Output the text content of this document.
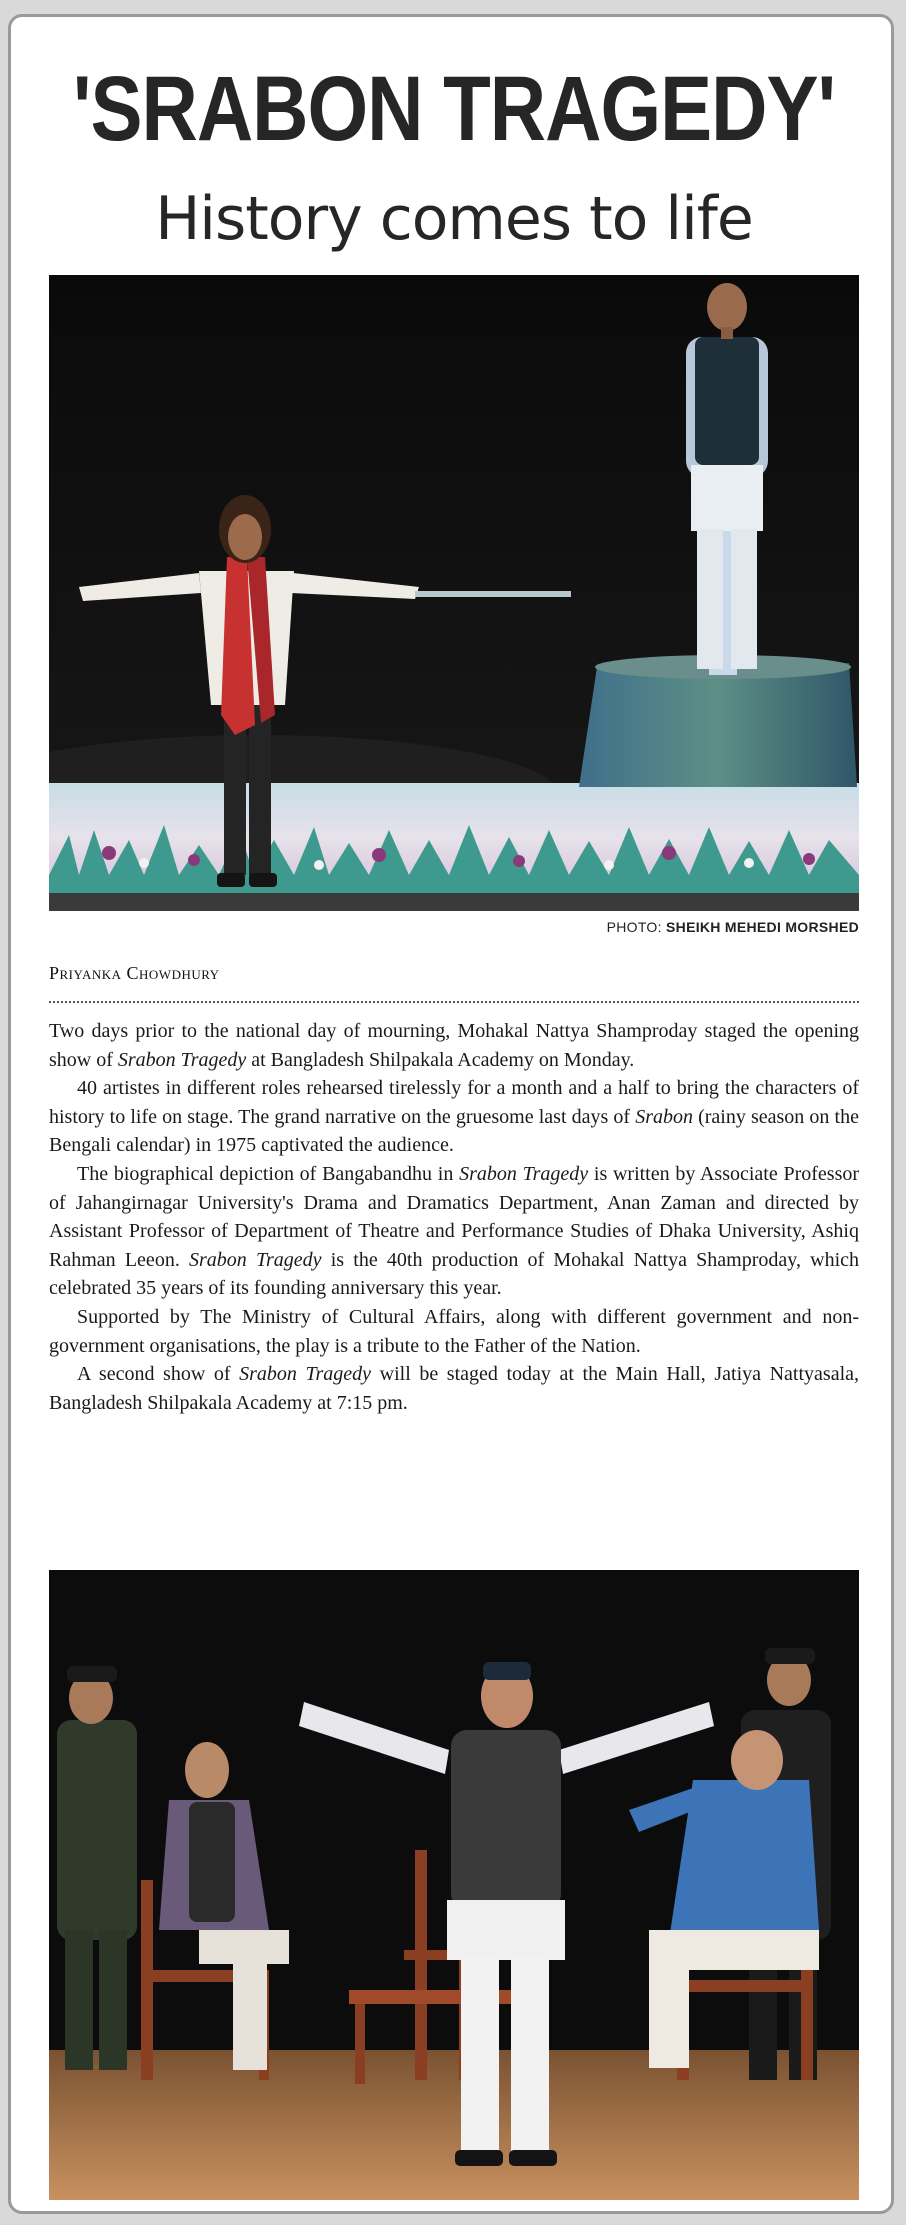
'SRABON TRAGEDY'
History comes to life
PHOTO: SHEIKH MEHEDI MORSHED
Priyanka Chowdhury

Two days prior to the national day of mourning, Mohakal Nattya Shamproday staged the opening show of Srabon Tragedy at Bangladesh Shilpakala Academy on Monday.

40 artistes in different roles rehearsed tirelessly for a month and a half to bring the characters of history to life on stage. The grand narrative on the gruesome last days of Srabon (rainy season on the Bengali calendar) in 1975 captivated the audience.

The biographical depiction of Bangabandhu in Srabon Tragedy is written by Associate Professor of Jahangirnagar University's Drama and Dramatics Department, Anan Zaman and directed by Assistant Professor of Department of Theatre and Performance Studies of Dhaka University, Ashiq Rahman Leeon. Srabon Tragedy is the 40th production of Mohakal Nattya Shamproday, which celebrated 35 years of its founding anniversary this year.

Supported by The Ministry of Cultural Affairs, along with different government and non-government organisations, the play is a tribute to the Father of the Nation.

A second show of Srabon Tragedy will be staged today at the Main Hall, Jatiya Nattyasala, Bangladesh Shilpakala Academy at 7:15 pm.
